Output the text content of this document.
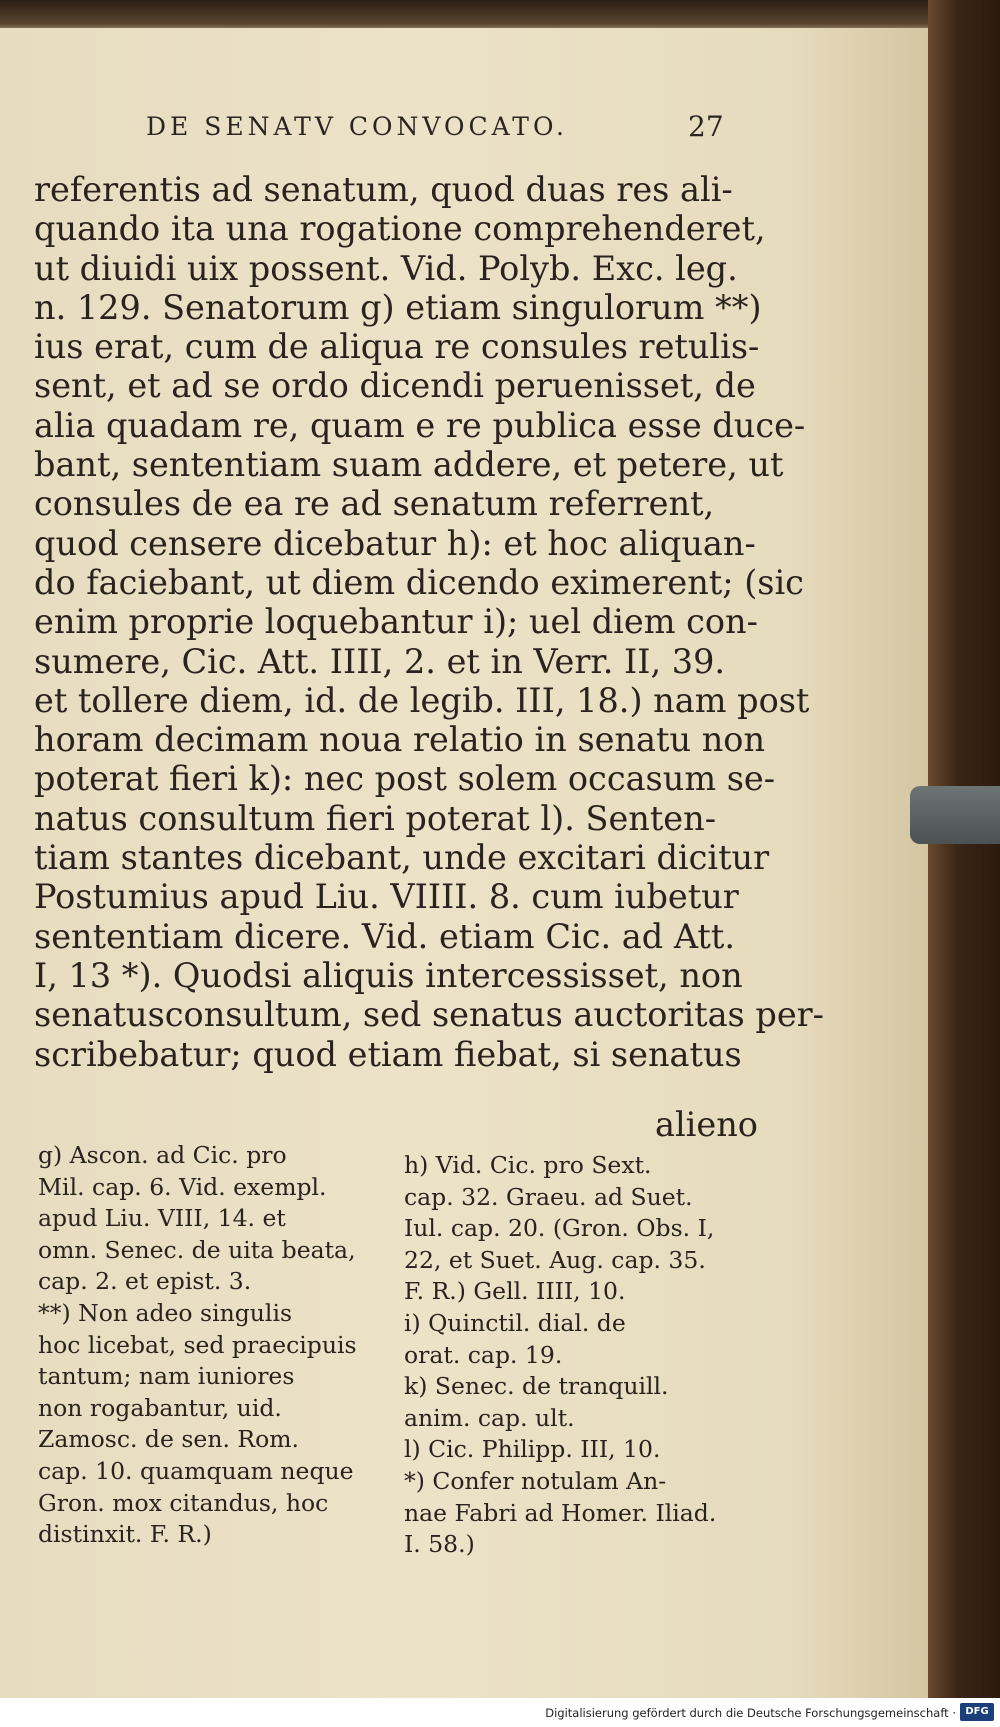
DE SENATV CONVOCATO.	27
referentis ad senatum, quod duas res ali-
quando ita una rogatione comprehenderet,
ut diuidi uix possent. Vid. Polyb. Exc. leg.
n. 129. Senatorum g) etiam singulorum **)
ius erat, cum de aliqua re consules retulis-
sent, et ad se ordo dicendi peruenisset, de
alia quadam re, quam e re publica esse duce-
bant, sententiam suam addere, et petere, ut
consules de ea re ad senatum referrent,
quod censere dicebatur h): et hoc aliquan-
do faciebant, ut diem dicendo eximerent; (sic
enim proprie loquebantur i); uel diem con-
sumere, Cic. Att. IIII, 2. et in Verr. II, 39.
et tollere diem, id. de legib. III, 18.) nam post
horam decimam noua relatio in senatu non
poterat fieri k): nec post solem occasum se-
natus consultum fieri poterat l). Senten-
tiam stantes dicebant, unde excitari dicitur
Postumius apud Liu. VIIII. 8. cum iubetur
sententiam dicere. Vid. etiam Cic. ad Att.
I, 13 *). Quodsi aliquis intercessisset, non
senatusconsultum, sed senatus auctoritas per-
scribebatur; quod etiam fiebat, si senatus
alieno
g) Ascon. ad Cic. pro
Mil. cap. 6. Vid. exempl.
apud Liu. VIII, 14. et
omn. Senec. de uita beata,
cap. 2. et epist. 3.
**) Non adeo singulis
hoc licebat, sed praecipuis
tantum; nam iuniores
non rogabantur, uid.
Zamosc. de sen. Rom.
cap. 10. quamquam neque
Gron. mox citandus, hoc
distinxit. F. R.)
h) Vid. Cic. pro Sext.
cap. 32. Graeu. ad Suet.
Iul. cap. 20. (Gron. Obs. I,
22, et Suet. Aug. cap. 35.
F. R.) Gell. IIII, 10.
i) Quinctil. dial. de
orat. cap. 19.
k) Senec. de tranquill.
anim. cap. ult.
l) Cic. Philipp. III, 10.
*) Confer notulam An-
nae Fabri ad Homer. Iliad.
I. 58.)
Digitalisierung gefördert durch die Deutsche Forschungsgemeinschaft · DFG
